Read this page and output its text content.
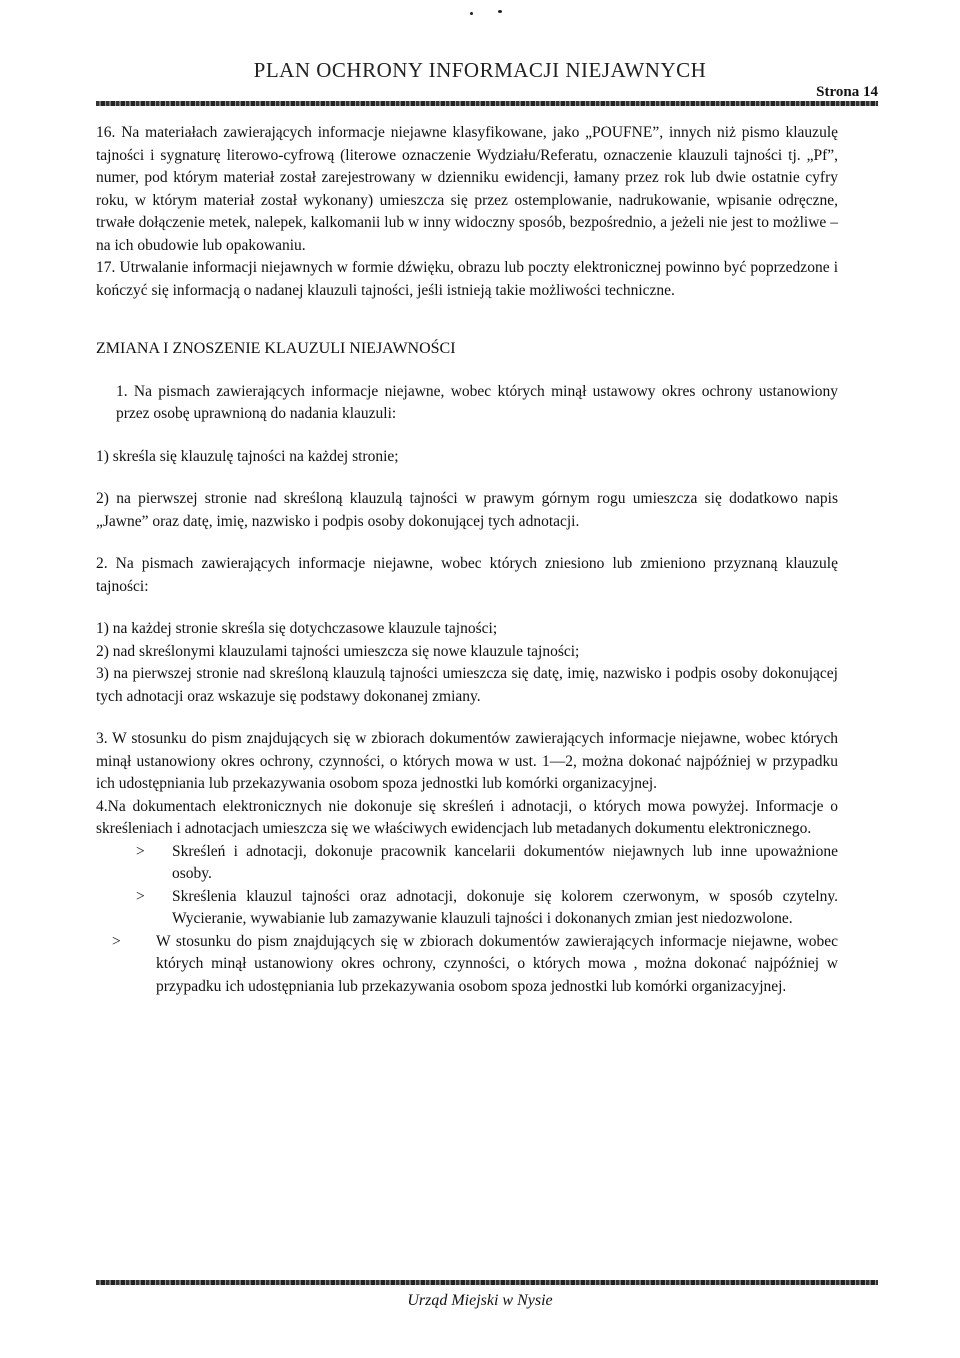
PLAN OCHRONY INFORMACJI NIEJAWNYCH
Strona 14

16. Na materiałach zawierających informacje niejawne klasyfikowane, jako „POUFNE”, innych niż pismo klauzulę tajności i sygnaturę literowo-cyfrową (literowe oznaczenie Wydziału/Referatu, oznaczenie klauzuli tajności tj. „Pf”, numer, pod którym materiał został zarejestrowany w dzienniku ewidencji, łamany przez rok lub dwie ostatnie cyfry roku, w którym materiał został wykonany) umieszcza się przez ostemplowanie, nadrukowanie, wpisanie odręczne, trwałe dołączenie metek, nalepek, kalkomanii lub w inny widoczny sposób, bezpośrednio, a jeżeli nie jest to możliwe – na ich obudowie lub opakowaniu.

17. Utrwalanie informacji niejawnych w formie dźwięku, obrazu lub poczty elektronicznej powinno być poprzedzone i kończyć się informacją o nadanej klauzuli tajności, jeśli istnieją takie możliwości techniczne.

ZMIANA I ZNOSZENIE KLAUZULI NIEJAWNOŚCI

1. Na pismach zawierających informacje niejawne, wobec których minął ustawowy okres ochrony ustanowiony przez osobę uprawnioną do nadania klauzuli:

1) skreśla się klauzulę tajności na każdej stronie;

2) na pierwszej stronie nad skreśloną klauzulą tajności w prawym górnym rogu umieszcza się dodatkowo napis „Jawne” oraz datę, imię, nazwisko i podpis osoby dokonującej tych adnotacji.

2. Na pismach zawierających informacje niejawne, wobec których zniesiono lub zmieniono przyznaną klauzulę tajności:

1) na każdej stronie skreśla się dotychczasowe klauzule tajności;

2) nad skreślonymi klauzulami tajności umieszcza się nowe klauzule tajności;

3) na pierwszej stronie nad skreśloną klauzulą tajności umieszcza się datę, imię, nazwisko i podpis osoby dokonującej tych adnotacji oraz wskazuje się podstawy dokonanej zmiany.

3. W stosunku do pism znajdujących się w zbiorach dokumentów zawierających informacje niejawne, wobec których minął ustanowiony okres ochrony, czynności, o których mowa w ust. 1—2, można dokonać najpóźniej w przypadku ich udostępniania lub przekazywania osobom spoza jednostki lub komórki organizacyjnej.

4.Na dokumentach elektronicznych nie dokonuje się skreśleń i adnotacji, o których mowa powyżej. Informacje o skreśleniach i adnotacjach umieszcza się we właściwych ewidencjach lub metadanych dokumentu elektronicznego.

>	Skreśleń i adnotacji, dokonuje pracownik kancelarii dokumentów niejawnych lub inne upoważnione osoby.
>	Skreślenia klauzul tajności oraz adnotacji, dokonuje się kolorem czerwonym, w sposób czytelny. Wycieranie, wywabianie lub zamazywanie klauzuli tajności i dokonanych zmian jest niedozwolone.
>	W stosunku do pism znajdujących się w zbiorach dokumentów zawierających informacje niejawne, wobec których minął ustanowiony okres ochrony, czynności, o których mowa , można dokonać najpóźniej w przypadku ich udostępniania lub przekazywania osobom spoza jednostki lub komórki organizacyjnej.
Urząd Miejski w Nysie
